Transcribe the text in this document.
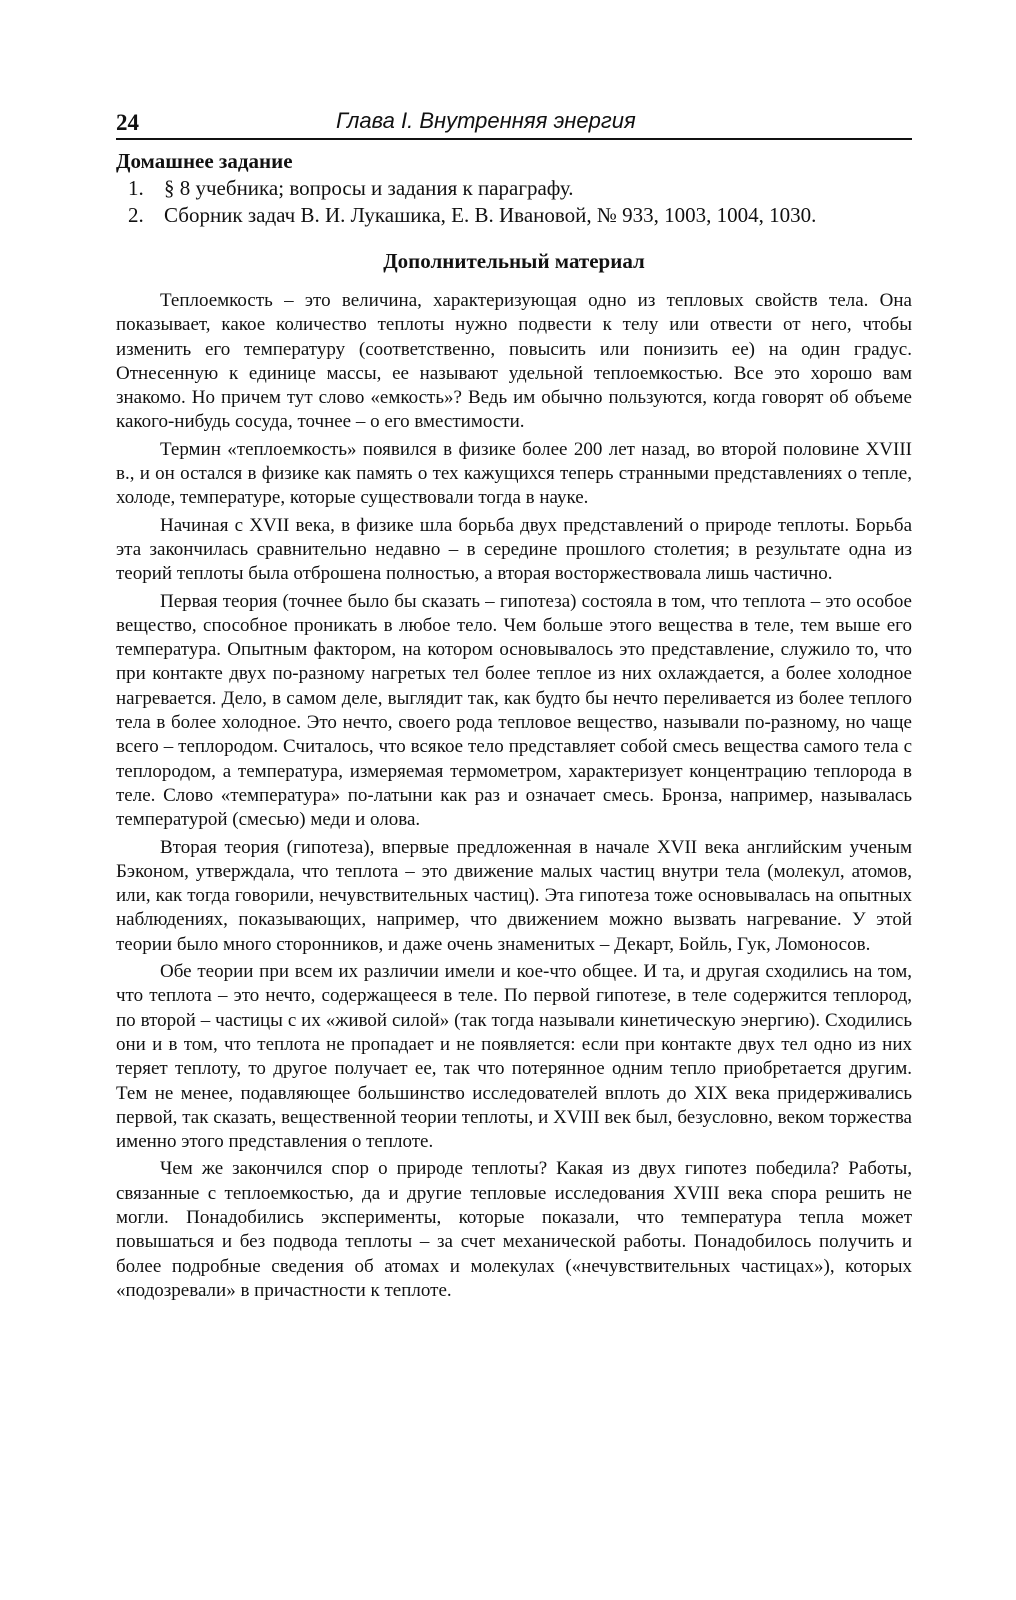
24	Глава I. Внутренняя энергия
Домашнее задание
1. § 8 учебника; вопросы и задания к параграфу.
2. Сборник задач В. И. Лукашика, Е. В. Ивановой, № 933, 1003, 1004, 1030.
Дополнительный материал

Теплоемкость – это величина, характеризующая одно из тепловых свойств тела. Она показывает, какое количество теплоты нужно подвести к телу или отвести от него, чтобы изменить его температуру (соответственно, повысить или понизить ее) на один градус. Отнесенную к единице массы, ее называют удельной теплоемкостью. Все это хорошо вам знакомо. Но причем тут слово «емкость»? Ведь им обычно пользуются, когда говорят об объеме какого-нибудь сосуда, точнее – о его вместимости.

Термин «теплоемкость» появился в физике более 200 лет назад, во второй половине XVIII в., и он остался в физике как память о тех кажущихся теперь странными представлениях о тепле, холоде, температуре, которые существовали тогда в науке.

Начиная с XVII века, в физике шла борьба двух представлений о природе теплоты. Борьба эта закончилась сравнительно недавно – в середине прошлого столетия; в результате одна из теорий теплоты была отброшена полностью, а вторая восторжествовала лишь частично.

Первая теория (точнее было бы сказать – гипотеза) состояла в том, что теплота – это особое вещество, способное проникать в любое тело. Чем больше этого вещества в теле, тем выше его температура. Опытным фактором, на котором основывалось это представление, служило то, что при контакте двух по-разному нагретых тел более теплое из них охлаждается, а более холодное нагревается. Дело, в самом деле, выглядит так, как будто бы нечто переливается из более теплого тела в более холодное. Это нечто, своего рода тепловое вещество, называли по-разному, но чаще всего – теплородом. Считалось, что всякое тело представляет собой смесь вещества самого тела с теплородом, а температура, измеряемая термометром, характеризует концентрацию теплорода в теле. Слово «температура» по-латыни как раз и означает смесь. Бронза, например, называлась температурой (смесью) меди и олова.

Вторая теория (гипотеза), впервые предложенная в начале XVII века английским ученым Бэконом, утверждала, что теплота – это движение малых частиц внутри тела (молекул, атомов, или, как тогда говорили, нечувствительных частиц). Эта гипотеза тоже основывалась на опытных наблюдениях, показывающих, например, что движением можно вызвать нагревание. У этой теории было много сторонников, и даже очень знаменитых – Декарт, Бойль, Гук, Ломоносов.

Обе теории при всем их различии имели и кое-что общее. И та, и другая сходились на том, что теплота – это нечто, содержащееся в теле. По первой гипотезе, в теле содержится теплород, по второй – частицы с их «живой силой» (так тогда называли кинетическую энергию). Сходились они и в том, что теплота не пропадает и не появляется: если при контакте двух тел одно из них теряет теплоту, то другое получает ее, так что потерянное одним тепло приобретается другим. Тем не менее, подавляющее большинство исследователей вплоть до XIX века придерживались первой, так сказать, вещественной теории теплоты, и XVIII век был, безусловно, веком торжества именно этого представления о теплоте.

Чем же закончился спор о природе теплоты? Какая из двух гипотез победила? Работы, связанные с теплоемкостью, да и другие тепловые исследования XVIII века спора решить не могли. Понадобились эксперименты, которые показали, что температура тепла может повышаться и без подвода теплоты – за счет механической работы. Понадобилось получить и более подробные сведения об атомах и молекулах («нечувствительных частицах»), которых «подозревали» в причастности к теплоте.
